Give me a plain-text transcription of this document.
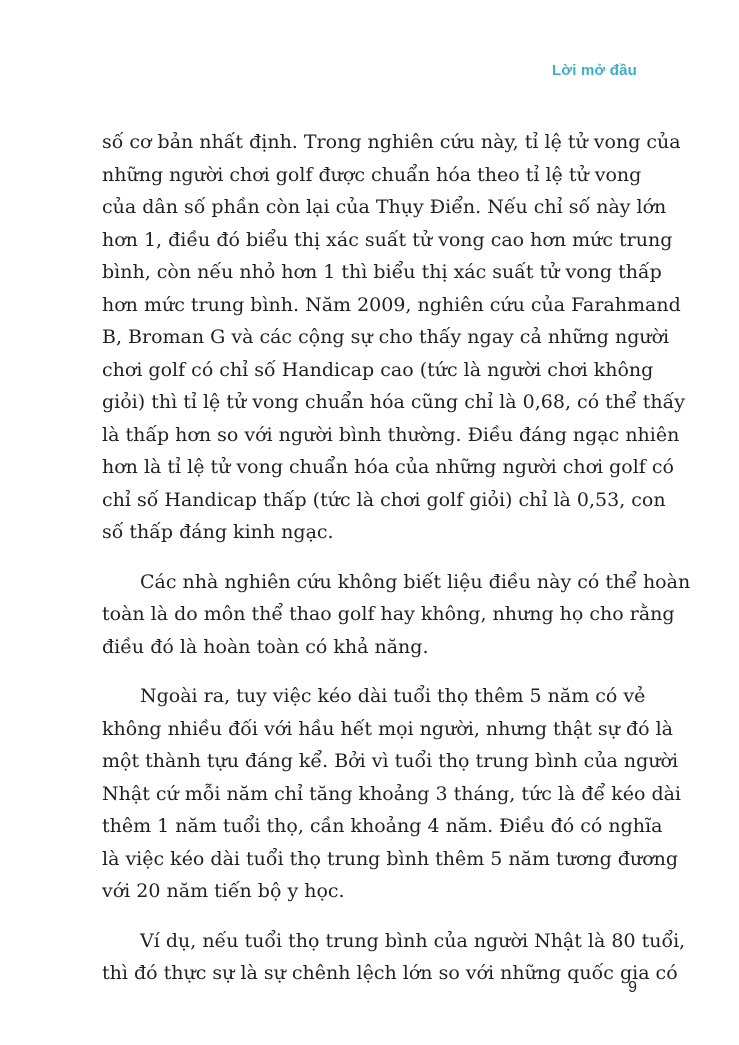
Lời mở đầu
số cơ bản nhất định. Trong nghiên cứu này, tỉ lệ tử vong của
những người chơi golf được chuẩn hóa theo tỉ lệ tử vong
của dân số phần còn lại của Thụy Điển. Nếu chỉ số này lớn
hơn 1, điều đó biểu thị xác suất tử vong cao hơn mức trung
bình, còn nếu nhỏ hơn 1 thì biểu thị xác suất tử vong thấp
hơn mức trung bình. Năm 2009, nghiên cứu của Farahmand
B, Broman G và các cộng sự cho thấy ngay cả những người
chơi golf có chỉ số Handicap cao (tức là người chơi không
giỏi) thì tỉ lệ tử vong chuẩn hóa cũng chỉ là 0,68, có thể thấy
là thấp hơn so với người bình thường. Điều đáng ngạc nhiên
hơn là tỉ lệ tử vong chuẩn hóa của những người chơi golf có
chỉ số Handicap thấp (tức là chơi golf giỏi) chỉ là 0,53, con
số thấp đáng kinh ngạc.
Các nhà nghiên cứu không biết liệu điều này có thể hoàn
toàn là do môn thể thao golf hay không, nhưng họ cho rằng
điều đó là hoàn toàn có khả năng.
Ngoài ra, tuy việc kéo dài tuổi thọ thêm 5 năm có vẻ
không nhiều đối với hầu hết mọi người, nhưng thật sự đó là
một thành tựu đáng kể. Bởi vì tuổi thọ trung bình của người
Nhật cứ mỗi năm chỉ tăng khoảng 3 tháng, tức là để kéo dài
thêm 1 năm tuổi thọ, cần khoảng 4 năm. Điều đó có nghĩa
là việc kéo dài tuổi thọ trung bình thêm 5 năm tương đương
với 20 năm tiến bộ y học.
Ví dụ, nếu tuổi thọ trung bình của người Nhật là 80 tuổi,
thì đó thực sự là sự chênh lệch lớn so với những quốc gia có
9
